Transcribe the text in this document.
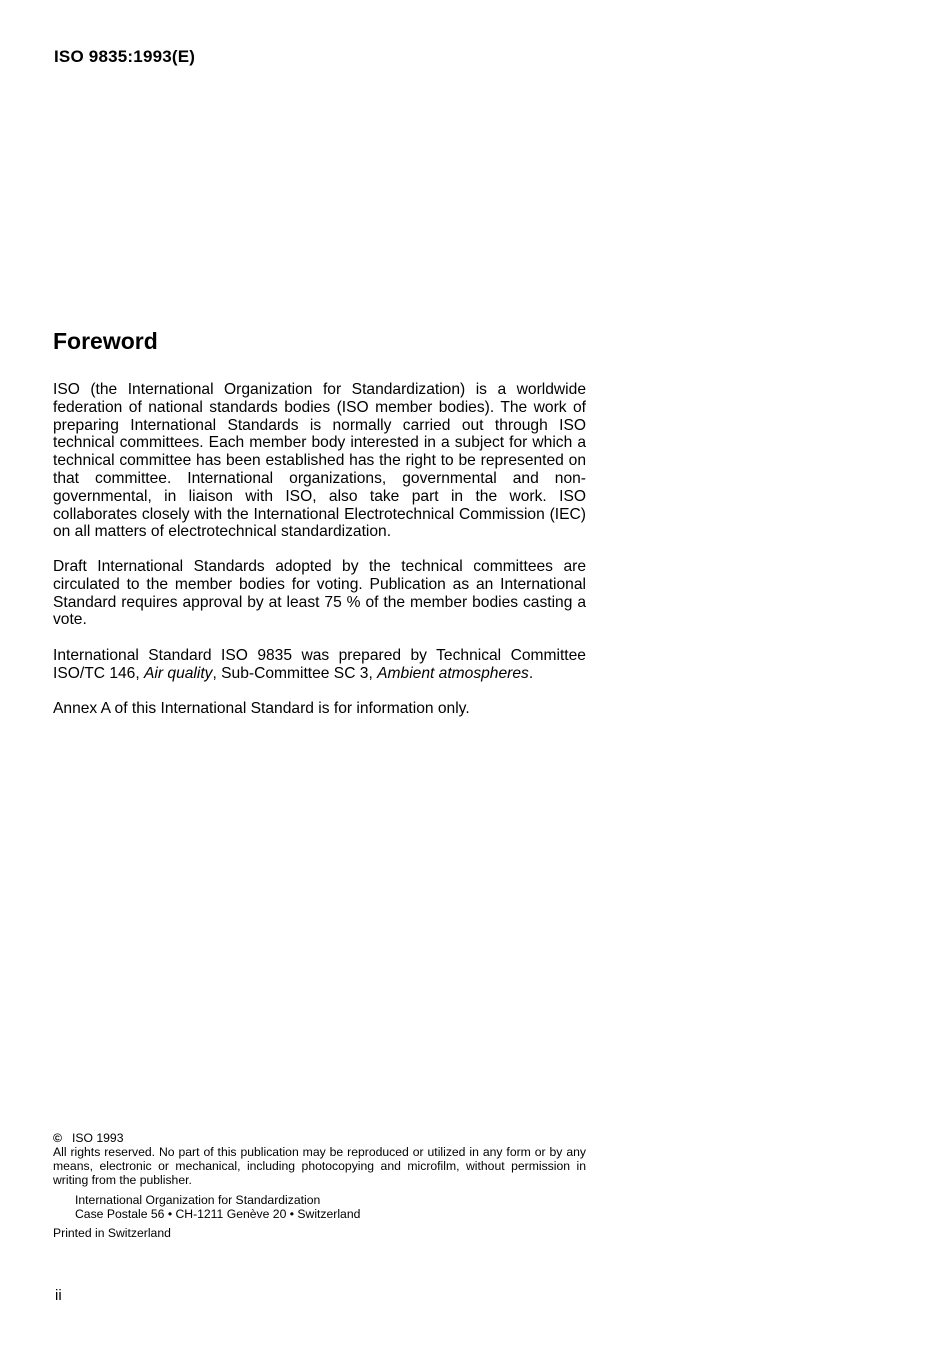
ISO 9835:1993(E)
Foreword

ISO (the International Organization for Standardization) is a worldwide federation of national standards bodies (ISO member bodies). The work of preparing International Standards is normally carried out through ISO technical committees. Each member body interested in a subject for which a technical committee has been established has the right to be represented on that committee. International organizations, governmental and non-governmental, in liaison with ISO, also take part in the work. ISO collaborates closely with the International Electrotechnical Commission (IEC) on all matters of electrotechnical standardization.

Draft International Standards adopted by the technical committees are circulated to the member bodies for voting. Publication as an International Standard requires approval by at least 75 % of the member bodies casting a vote.

International Standard ISO 9835 was prepared by Technical Committee ISO/TC 146, Air quality, Sub-Committee SC 3, Ambient atmospheres.

Annex A of this International Standard is for information only.

© ISO 1993
All rights reserved. No part of this publication may be reproduced or utilized in any form or by any means, electronic or mechanical, including photocopying and microfilm, without permission in writing from the publisher.
International Organization for Standardization
Case Postale 56 • CH-1211 Genève 20 • Switzerland
Printed in Switzerland
ii
